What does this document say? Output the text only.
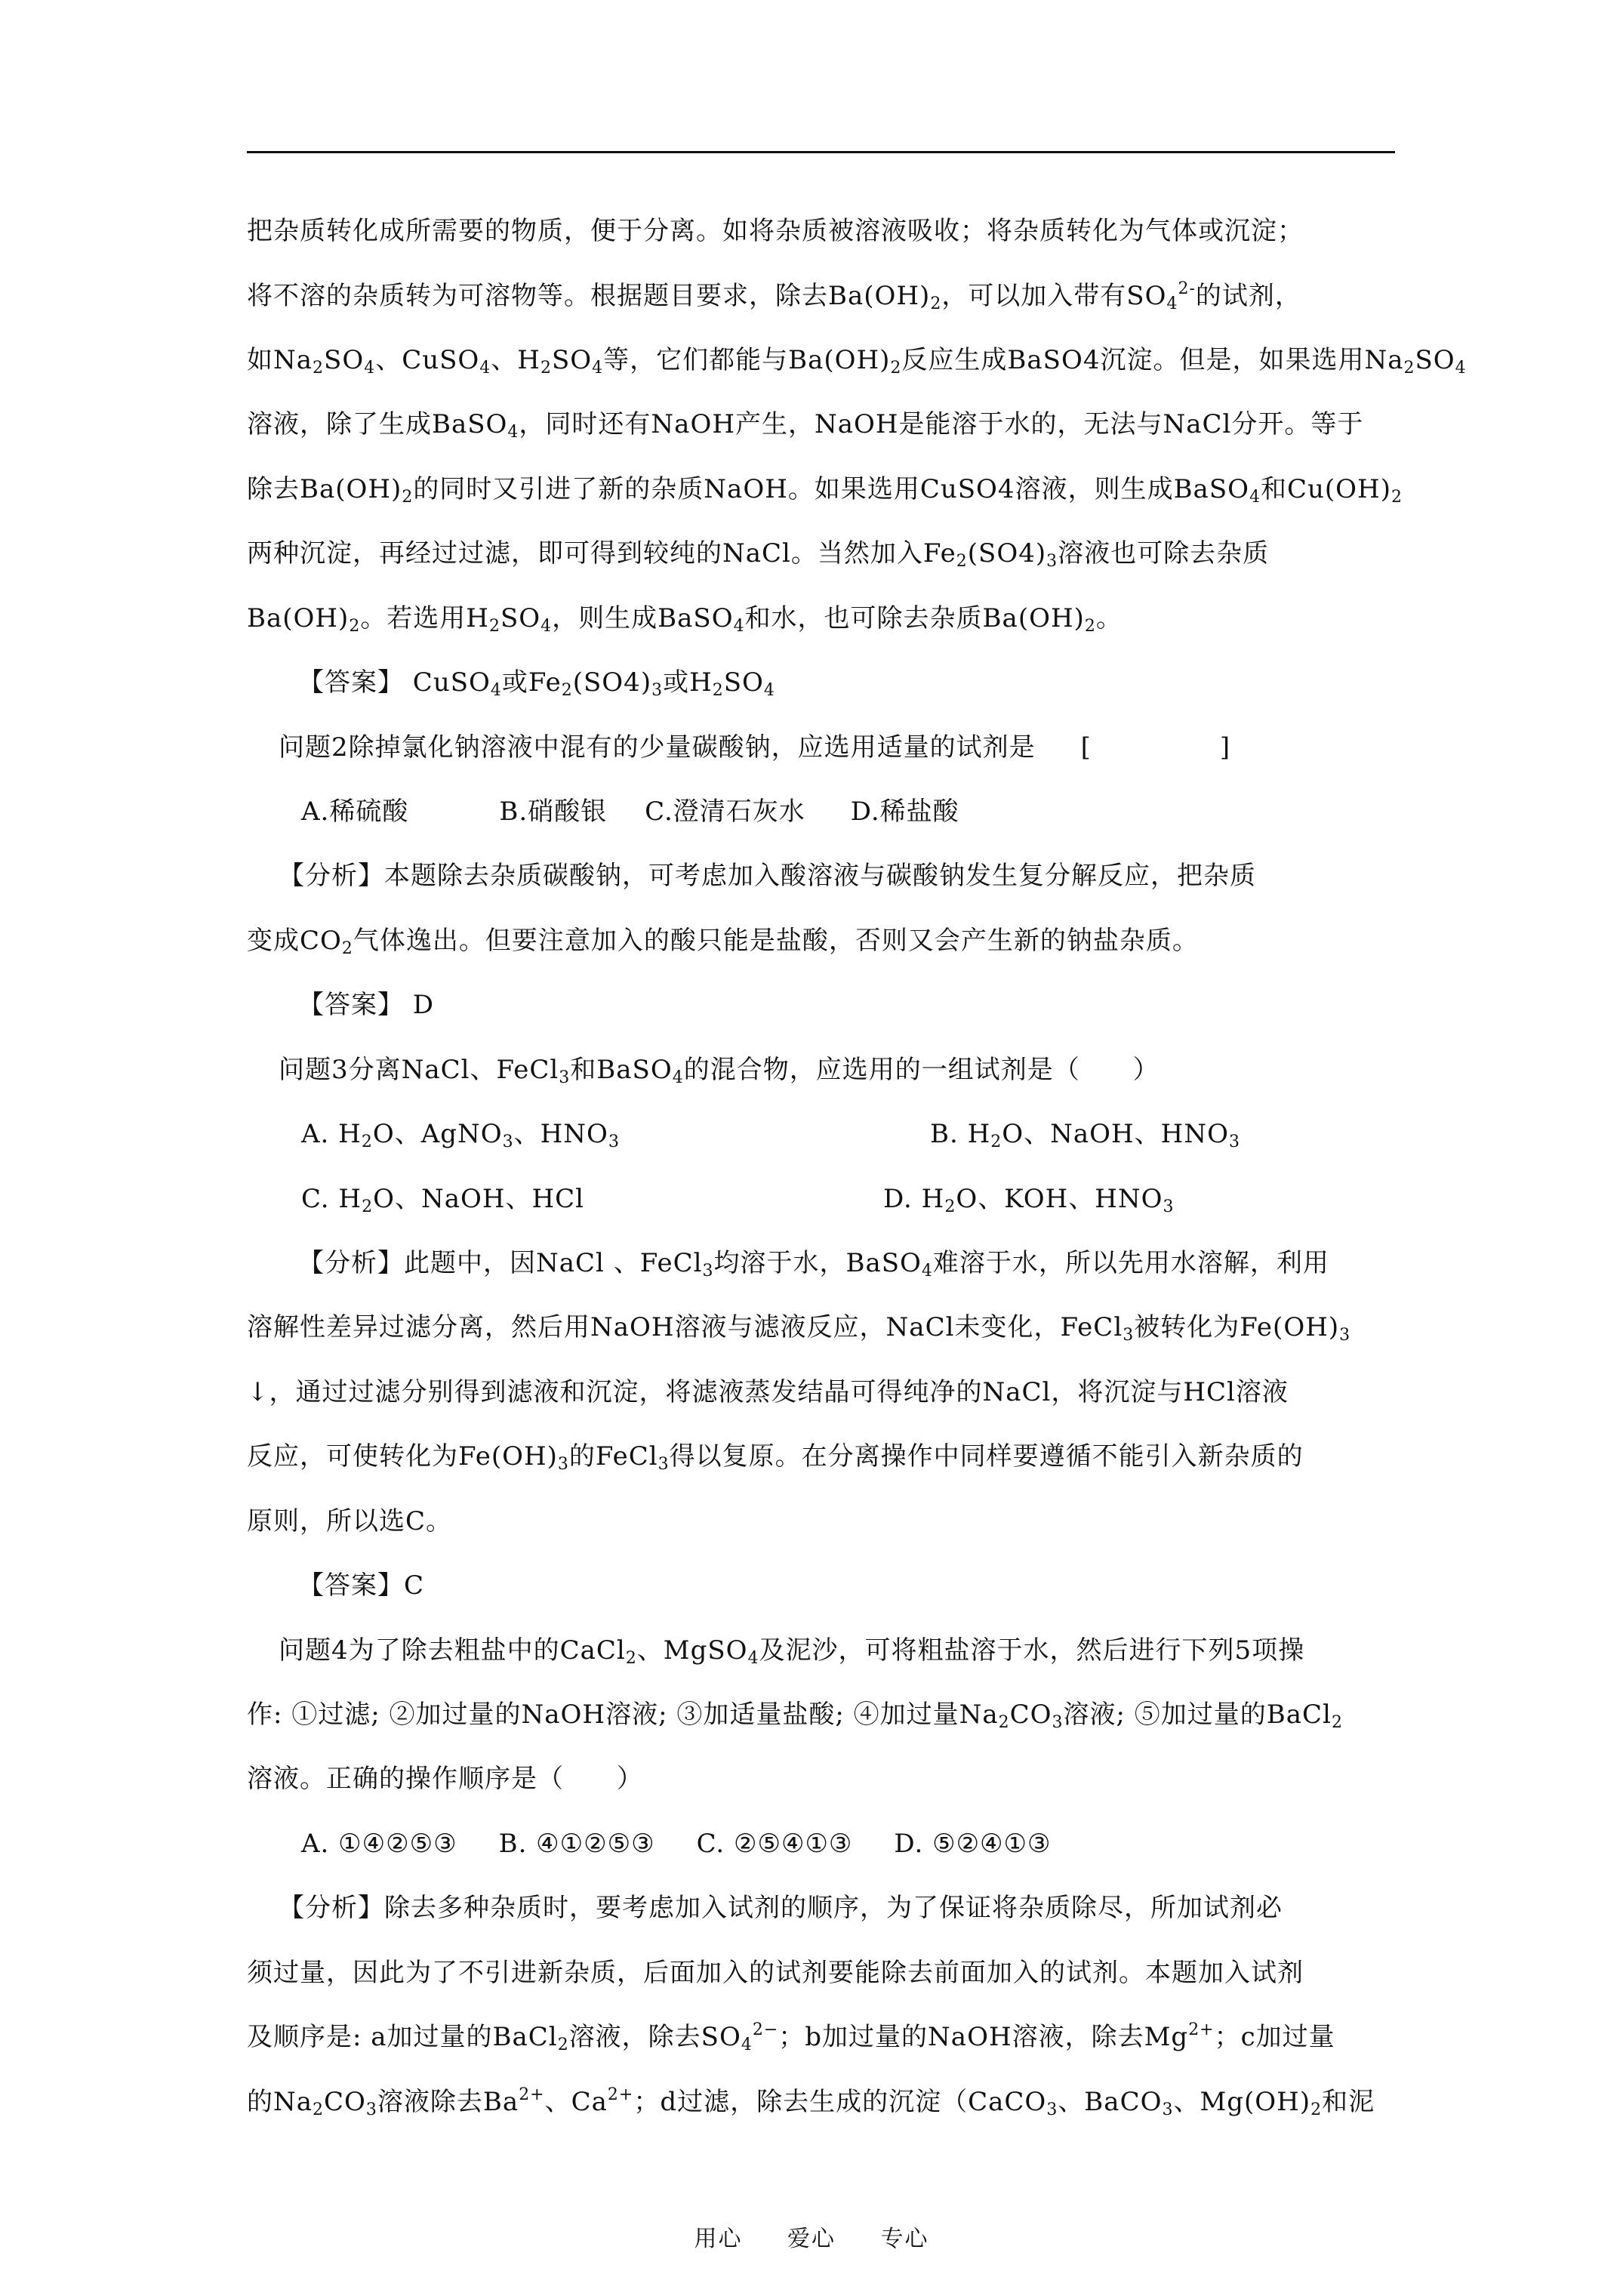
把杂质转化成所需要的物质，便于分离。如将杂质被溶液吸收；将杂质转化为气体或沉淀；
将不溶的杂质转为可溶物等。根据题目要求，除去$Ba(OH)_2$，可以加入带有$SO_4^{2-}$的试剂，
如$Na_2SO_4$、CuSO$_4$、$H_2SO_4$等，它们都能与$Ba(OH)_2$反应生成BaSO4沉淀。但是，如果选用$Na_2SO_4$
溶液，除了生成BaSO$_4$，同时还有NaOH产生，NaOH是能溶于水的，无法与NaCl分开。等于
除去$Ba(OH)_2$的同时又引进了新的杂质NaOH。如果选用CuSO4溶液，则生成BaSO$_4$和$Cu(OH)_2$
两种沉淀，再经过过滤，即可得到较纯的NaCl。当然加入$Fe_2(SO4)_3$溶液也可除去杂质
$Ba(OH)_2$。若选用$H_2SO_4$，则生成BaSO$_4$和水，也可除去杂质$Ba(OH)_2$。
【答案】 CuSO$_4$或$Fe_2(SO4)_3$或$H_2SO_4$
问题2除掉氯化钠溶液中混有的少量碳酸钠，应选用适量的试剂是 [	]
A.稀硫酸	B.硝酸银 C.澄清石灰水 D.稀盐酸
【分析】本题除去杂质碳酸钠，可考虑加入酸溶液与碳酸钠发生复分解反应，把杂质
变成$CO_2$气体逸出。但要注意加入的酸只能是盐酸，否则又会产生新的钠盐杂质。
【答案】 D
问题3分离NaCl、FeCl$_3$和BaSO$_4$的混合物，应选用的一组试剂是（　　）
A. $H_2O$、AgNO$_3$、$HNO_3$	B. $H_2O$、NaOH、$HNO_3$
C. $H_2O$、NaOH、HCl	D. $H_2O$、KOH、$HNO_3$
【分析】此题中，因NaCl 、FeCl$_3$均溶于水，BaSO$_4$难溶于水，所以先用水溶解，利用
溶解性差异过滤分离，然后用NaOH溶液与滤液反应，NaCl未变化，FeCl$_3$被转化为$Fe(OH)_3$
↓，通过过滤分别得到滤液和沉淀，将滤液蒸发结晶可得纯净的NaCl，将沉淀与HCl溶液
反应，可使转化为$Fe(OH)_3$的FeCl$_3$得以复原。在分离操作中同样要遵循不能引入新杂质的
原则，所以选C。
【答案】C
问题4为了除去粗盐中的CaCl$_2$、MgSO$_4$及泥沙，可将粗盐溶于水，然后进行下列5项操
作: ①过滤; ②加过量的NaOH溶液; ③加适量盐酸; ④加过量$Na_2CO_3$溶液; ⑤加过量的BaCl$_2$
溶液。正确的操作顺序是（　　）
A. ①④②⑤③ B. ④①②⑤③ C. ②⑤④①③ D. ⑤②④①③
【分析】除去多种杂质时，要考虑加入试剂的顺序，为了保证将杂质除尽，所加试剂必
须过量，因此为了不引进新杂质，后面加入的试剂要能除去前面加入的试剂。本题加入试剂
及顺序是: a加过量的BaCl$_2$溶液，除去$SO_4^{2-}$；b加过量的NaOH溶液，除去$Mg^{2+}$；c加过量
的$Na_2CO_3$溶液除去$Ba^{2+}$、$Ca^{2+}$；d过滤，除去生成的沉淀（CaCO$_3$、BaCO$_3$、$Mg(OH)_2$和泥
用心 爱心 专心
